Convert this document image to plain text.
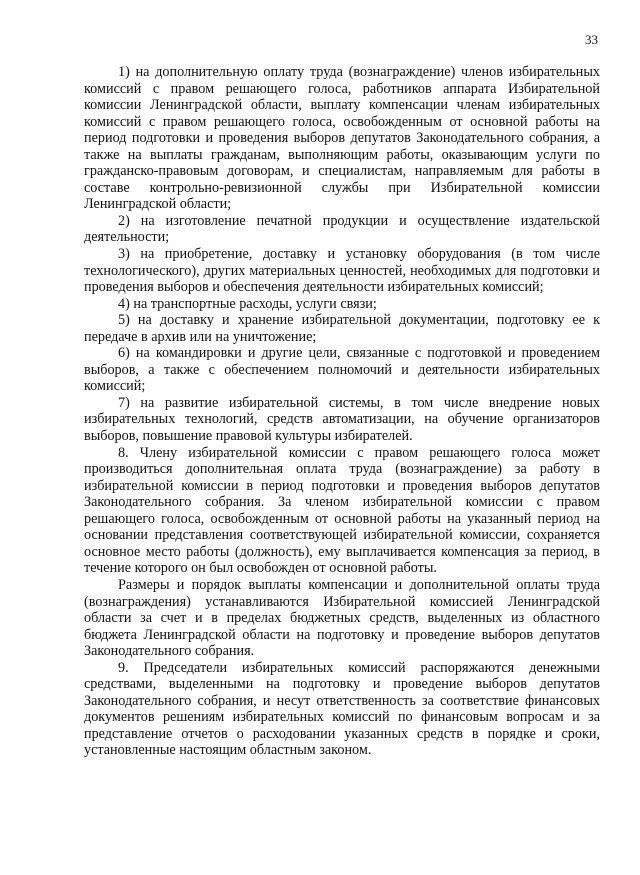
33

1) на дополнительную оплату труда (вознаграждение) членов избирательных комиссий с правом решающего голоса, работников аппарата Избирательной комиссии Ленинградской области, выплату компенсации членам избирательных комиссий с правом решающего голоса, освобожденным от основной работы на период подготовки и проведения выборов депутатов Законодательного собрания, а также на выплаты гражданам, выполняющим работы, оказывающим услуги по гражданско-правовым договорам, и специалистам, направляемым для работы в составе контрольно-ревизионной службы при Избирательной комиссии Ленинградской области;

2) на изготовление печатной продукции и осуществление издательской деятельности;

3) на приобретение, доставку и установку оборудования (в том числе технологического), других материальных ценностей, необходимых для подготовки и проведения выборов и обеспечения деятельности избирательных комиссий;

4) на транспортные расходы, услуги связи;

5) на доставку и хранение избирательной документации, подготовку ее к передаче в архив или на уничтожение;

6) на командировки и другие цели, связанные с подготовкой и проведением выборов, а также с обеспечением полномочий и деятельности избирательных комиссий;

7) на развитие избирательной системы, в том числе внедрение новых избирательных технологий, средств автоматизации, на обучение организаторов выборов, повышение правовой культуры избирателей.

8. Члену избирательной комиссии с правом решающего голоса может производиться дополнительная оплата труда (вознаграждение) за работу в избирательной комиссии в период подготовки и проведения выборов депутатов Законодательного собрания. За членом избирательной комиссии с правом решающего голоса, освобожденным от основной работы на указанный период на основании представления соответствующей избирательной комиссии, сохраняется основное место работы (должность), ему выплачивается компенсация за период, в течение которого он был освобожден от основной работы.

Размеры и порядок выплаты компенсации и дополнительной оплаты труда (вознаграждения) устанавливаются Избирательной комиссией Ленинградской области за счет и в пределах бюджетных средств, выделенных из областного бюджета Ленинградской области на подготовку и проведение выборов депутатов Законодательного собрания.

9. Председатели избирательных комиссий распоряжаются денежными средствами, выделенными на подготовку и проведение выборов депутатов Законодательного собрания, и несут ответственность за соответствие финансовых документов решениям избирательных комиссий по финансовым вопросам и за представление отчетов о расходовании указанных средств в порядке и сроки, установленные настоящим областным законом.
